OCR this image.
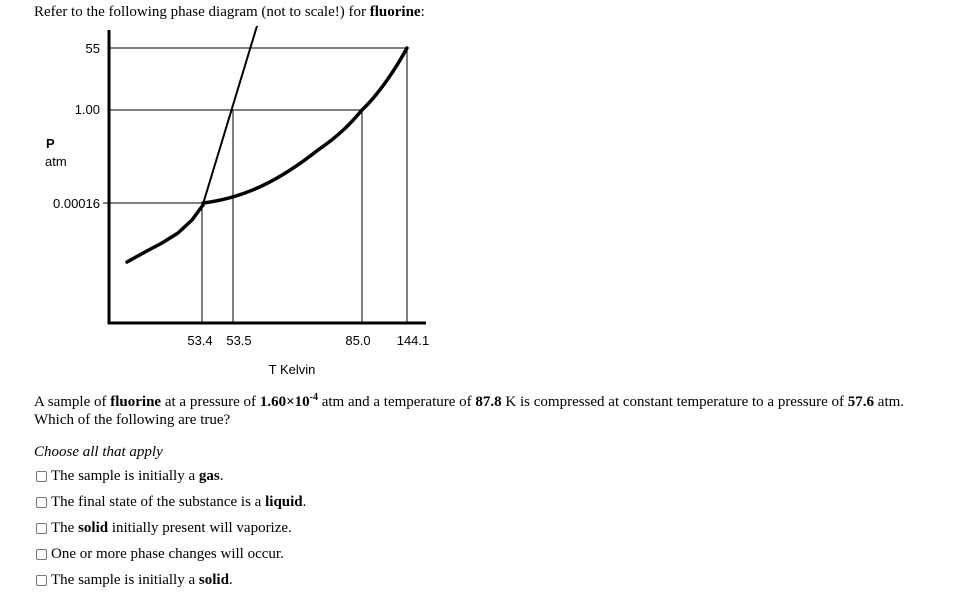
Refer to the following phase diagram (not to scale!) for fluorine:
P
atm
T Kelvin
55
1.00
0.00016
53.4 53.5	85.0 144.1
A sample of fluorine at a pressure of $1.60\times 10^{-4}$ atm and a temperature of 87.8 K is compressed at constant temperature to a pressure of 57.6 atm.
Which of the following are true?
Choose all that apply
The sample is initially a gas.
The final state of the substance is a liquid.
The solid initially present will vaporize.
One or more phase changes will occur.
The sample is initially a solid.
